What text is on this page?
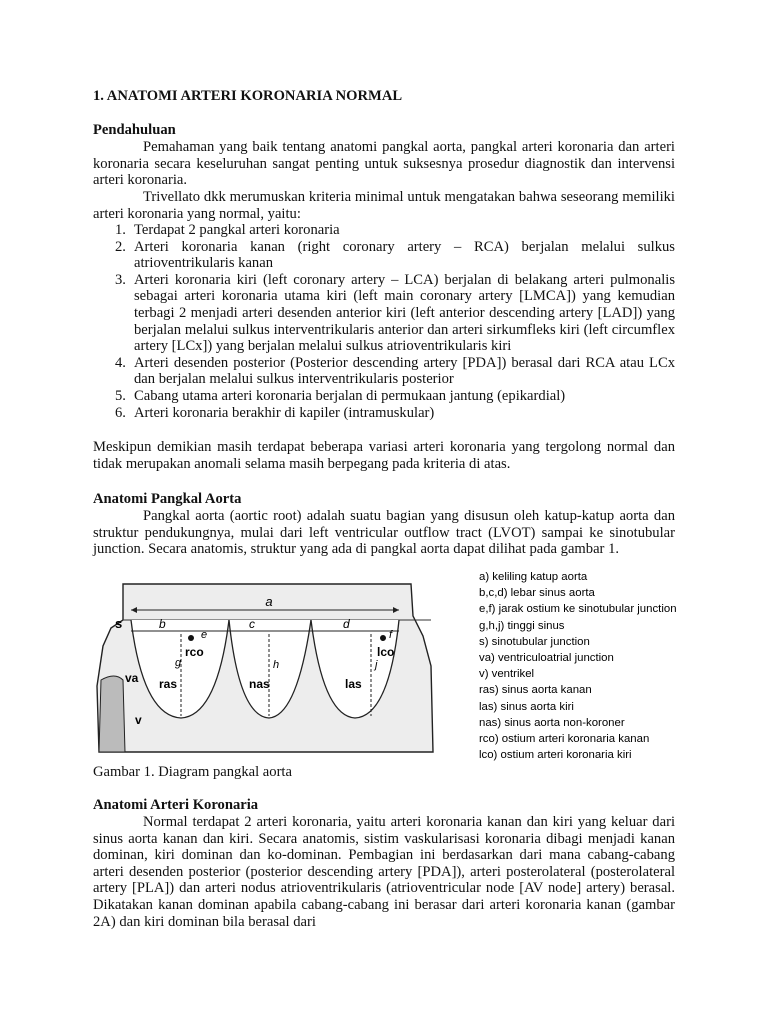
1. ANATOMI ARTERI KORONARIA NORMAL
Pendahuluan
Pemahaman yang baik tentang anatomi pangkal aorta, pangkal arteri koronaria dan arteri koronaria secara keseluruhan sangat penting untuk suksesnya prosedur diagnostik dan intervensi arteri koronaria.
Trivellato dkk merumuskan kriteria minimal untuk mengatakan bahwa seseorang memiliki arteri koronaria yang normal, yaitu:
1. Terdapat 2 pangkal arteri koronaria
2. Arteri koronaria kanan (right coronary artery – RCA) berjalan melalui sulkus atrioventrikularis kanan
3. Arteri koronaria kiri (left coronary artery – LCA) berjalan di belakang arteri pulmonalis sebagai arteri koronaria utama kiri (left main coronary artery [LMCA]) yang kemudian terbagi 2 menjadi arteri desenden anterior kiri (left anterior descending artery [LAD]) yang berjalan melalui sulkus interventrikularis anterior dan arteri sirkumfleks kiri (left circumflex artery [LCx]) yang berjalan melalui sulkus atrioventrikularis kiri
4. Arteri desenden posterior (Posterior descending artery [PDA]) berasal dari RCA atau LCx dan berjalan melalui sulkus interventrikularis posterior
5. Cabang utama arteri koronaria berjalan di permukaan jantung (epikardial)
6. Arteri koronaria berakhir di kapiler (intramuskular)
Meskipun demikian masih terdapat beberapa variasi arteri koronaria yang tergolong normal dan tidak merupakan anomali selama masih berpegang pada kriteria di atas.
Anatomi Pangkal Aorta
Pangkal aorta (aortic root) adalah suatu bagian yang disusun oleh katup-katup aorta dan struktur pendukungnya, mulai dari left ventricular outflow tract (LVOT) sampai ke sinotubular junction. Secara anatomis, struktur yang ada di pangkal aorta dapat dilihat pada gambar 1.
a
b	c	d
e	f
g	h	j
s
va
v
ras	nas	las
rco	lco
a) keliling katup aorta
b,c,d) lebar sinus aorta
e,f) jarak ostium ke sinotubular junction
g,h,j) tinggi sinus
s) sinotubular junction
va) ventriculoatrial junction
v) ventrikel
ras) sinus aorta kanan
las) sinus aorta kiri
nas) sinus aorta non-koroner
rco) ostium arteri koronaria kanan
lco) ostium arteri koronaria kiri
Gambar 1. Diagram pangkal aorta
Anatomi Arteri Koronaria
Normal terdapat 2 arteri koronaria, yaitu arteri koronaria kanan dan kiri yang keluar dari sinus aorta kanan dan kiri. Secara anatomis, sistim vaskularisasi koronaria dibagi menjadi kanan dominan, kiri dominan dan ko-dominan. Pembagian ini berdasarkan dari mana cabang-cabang arteri desenden posterior (posterior descending artery [PDA]), arteri posterolateral (posterolateral artery [PLA]) dan arteri nodus atrioventrikularis (atrioventricular node [AV node] artery) berasal. Dikatakan kanan dominan apabila cabang-cabang ini berasar dari arteri koronaria kanan (gambar 2A) dan kiri dominan bila berasal dari
